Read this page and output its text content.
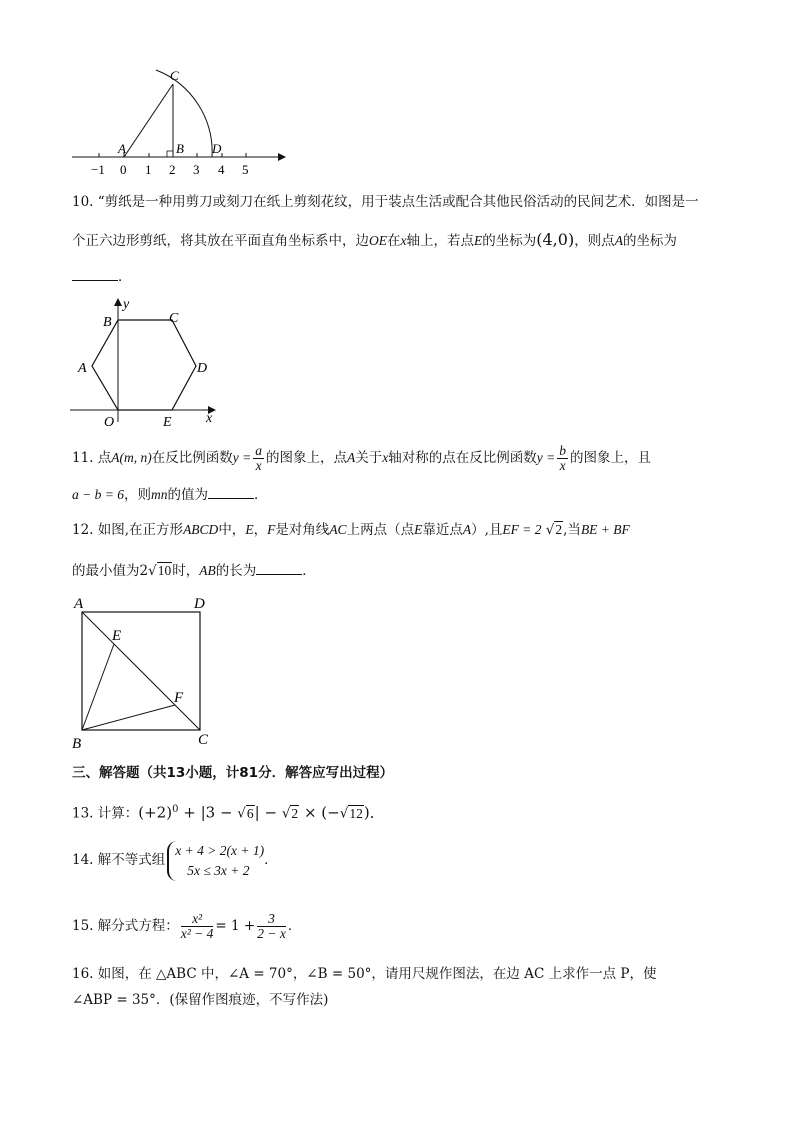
C
A	B D
−1 0 1 2 3 4 5
10. “剪纸是一种用剪刀或刻刀在纸上剪刻花纹，用于装点生活或配合其他民俗活动的民间艺术．如图是一
个正六边形剪纸，将其放在平面直角坐标系中，边OE在x轴上，若点E的坐标为(4,0)，则点A的坐标为
．
y
x
B	C
A	D
O	E
11. 点A(m, n)在反比例函数$y = \frac{a}{x}$ 的图象上，点A关于x轴对称的点在反比例函数$y = \frac{b}{x}$ 的图象上，且
a − b = 6，则mn的值为	．
12. 如图,在正方形ABCD中，E，F是对角线AC上两点（点E靠近点A）,且EF = 2 √2,当BE + BF
的最小值为2√10时，AB的长为	．
A	D
E
F
B	C
三、解答题（共13小题，计81分．解答应写出过程）
13. 计算：$(+2)^0 + |3 - √6| - √2 \times (-√12)$．
14. 解不等式组
x + 4 > 2(x + 1)
5x ≤ 3x + 2
．
15. 解分式方程： $\frac{\text{x²}}{\text{x² − 4}} = 1 + \frac{3}{2 - x}$ ．
16. 如图，在 △ABC 中，∠A = 70°，∠B = 50°，请用尺规作图法，在边 AC 上求作一点 P，使
∠ABP = 35°．(保留作图痕迹，不写作法)
